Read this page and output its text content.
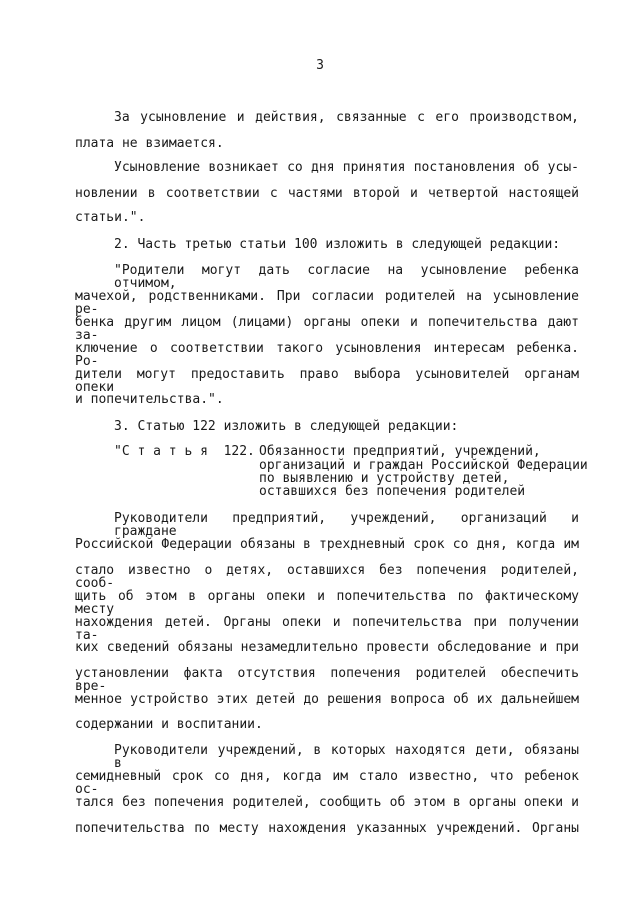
3
За усыновление и действия, связанные с его производством,
плата не взимается.
Усыновление возникает со дня принятия постановления об усы-
новлении в соответствии с частями второй и четвертой настоящей
статьи.".
2. Часть третью статьи 100 изложить в следующей редакции:
"Родители могут дать согласие на усыновление ребенка отчимом,
мачехой, родственниками. При согласии родителей на усыновление ре-
бенка другим лицом (лицами) органы опеки и попечительства дают за-
ключение о соответствии такого усыновления интересам ребенка. Ро-
дители могут предоставить право выбора усыновителей органам опеки
и попечительства.".
3. Статью 122 изложить в следующей редакции:
"С т а т ь я  122. Обязанности предприятий, учреждений,
организаций и граждан Российской Федерации
по выявлению и устройству детей,
оставшихся без попечения родителей
Руководители предприятий, учреждений, организаций и граждане
Российской Федерации обязаны в трехдневный срок со дня, когда им
стало известно о детях, оставшихся без попечения родителей, сооб-
щить об этом в органы опеки и попечительства по фактическому месту
нахождения детей. Органы опеки и попечительства при получении та-
ких сведений обязаны незамедлительно провести обследование и при
установлении факта отсутствия попечения родителей обеспечить вре-
менное устройство этих детей до решения вопроса об их дальнейшем
содержании и воспитании.
Руководители учреждений, в которых находятся дети, обязаны в
семидневный срок со дня, когда им стало известно, что ребенок ос-
тался без попечения родителей, сообщить об этом в органы опеки и
попечительства по месту нахождения указанных учреждений. Органы
